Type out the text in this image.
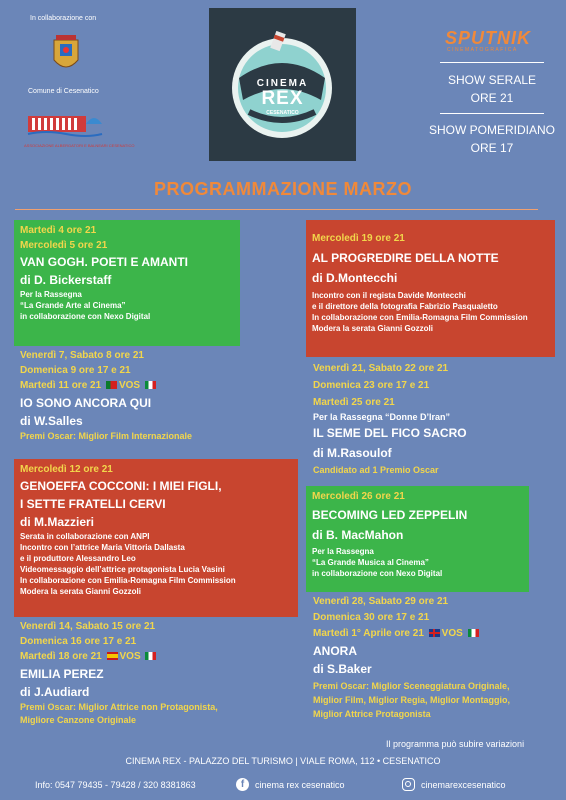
In collaborazione con
Comune di Cesenatico
ASSOCIAZIONE ALBERGATORI E BALNEARI CESENATICO
CINEMA
REX
CESENATICO
SPUTNIK
CINEMATOGRAFICA
SHOW SERALE
ORE 21
SHOW POMERIDIANO
ORE 17
PROGRAMMAZIONE MARZO
Martedì 4 ore 21
Mercoledì 5 ore 21
VAN GOGH. POETI E AMANTI
di D. Bickerstaff
Per la Rassegna
“La Grande Arte al Cinema”
in collaborazione con Nexo Digital
Venerdì 7, Sabato 8 ore 21
Domenica 9 ore 17 e 21
Martedì 11 ore 21 VOS
IO SONO ANCORA QUI
di W.Salles
Premi Oscar: Miglior Film Internazionale
Mercoledì 12 ore 21
GENOEFFA COCCONI: I MIEI FIGLI,
I SETTE FRATELLI CERVI
di M.Mazzieri
Serata in collaborazione con ANPI
Incontro con l’attrice Maria Vittoria Dallasta
e il produttore Alessandro Leo
Videomessaggio dell’attrice protagonista Lucia Vasini
In collaborazione con Emilia-Romagna Film Commission
Modera la serata Gianni Gozzoli
Venerdì 14, Sabato 15 ore 21
Domenica 16 ore 17 e 21
Martedì 18 ore 21 VOS
EMILIA PEREZ
di J.Audiard
Premi Oscar: Miglior Attrice non Protagonista,
Migliore Canzone Originale
Mercoledì 19 ore 21
AL PROGREDIRE DELLA NOTTE
di D.Montecchi
Incontro con il regista Davide Montecchi
e il direttore della fotografia Fabrizio Pasqualetto
In collaborazione con Emilia-Romagna Film Commission
Modera la serata Gianni Gozzoli
Venerdì 21, Sabato 22 ore 21
Domenica 23 ore 17 e 21
Martedì 25 ore 21
Per la Rassegna “Donne D’Iran”
IL SEME DEL FICO SACRO
di M.Rasoulof
Candidato ad 1 Premio Oscar
Mercoledì 26 ore 21
BECOMING LED ZEPPELIN
di B. MacMahon
Per la Rassegna
“La Grande Musica al Cinema”
in collaborazione con Nexo Digital
Venerdì 28, Sabato 29 ore 21
Domenica 30 ore 17 e 21
Martedì 1° Aprile ore 21 VOS
ANORA
di S.Baker
Premi Oscar: Miglior Sceneggiatura Originale,
Miglior Film, Miglior Regia, Miglior Montaggio,
Miglior Attrice Protagonista
Il programma può subire variazioni
CINEMA REX - PALAZZO DEL TURISMO | VIALE ROMA, 112 • CESENATICO
Info: 0547 79435 - 79428 / 320 8381863	f	cinema rex cesenatico	cinemarexcesenatico
